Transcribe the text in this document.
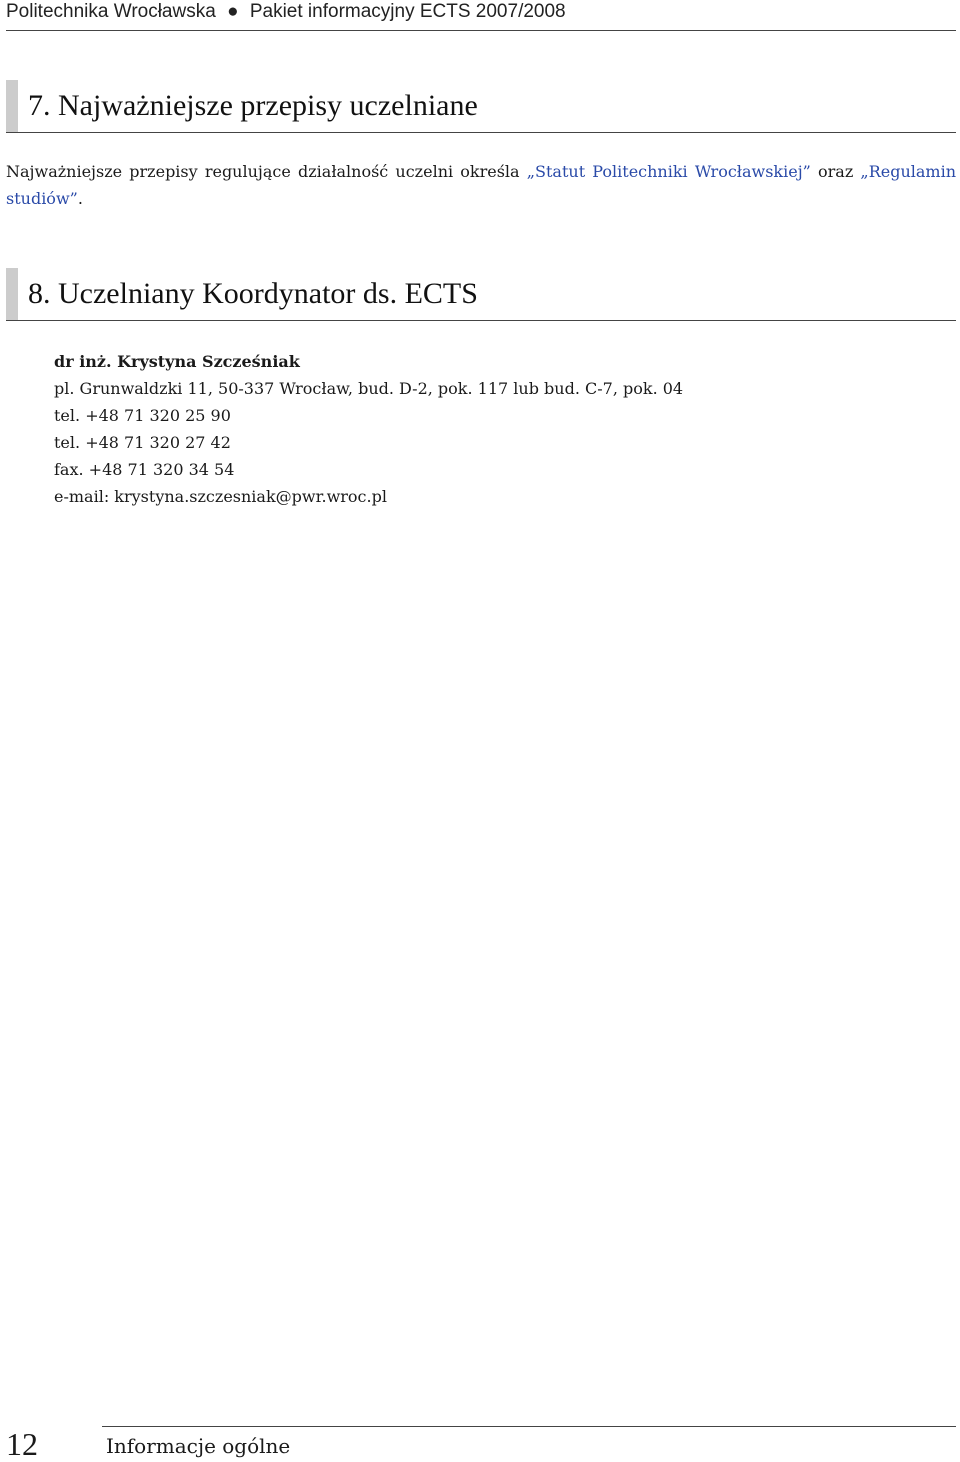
Politechnika Wrocławska ● Pakiet informacyjny ECTS 2007/2008
7. Najważniejsze przepisy uczelniane
Najważniejsze przepisy regulujące działalność uczelni określa „Statut Politechniki Wrocławskiej” oraz „Regulamin studiów”.
8. Uczelniany Koordynator ds. ECTS
dr inż. Krystyna Szcześniak
pl. Grunwaldzki 11, 50-337 Wrocław, bud. D-2, pok. 117 lub bud. C-7, pok. 04
tel. +48 71 320 25 90
tel. +48 71 320 27 42
fax. +48 71 320 34 54
e-mail: krystyna.szczesniak@pwr.wroc.pl
12	Informacje ogólne
